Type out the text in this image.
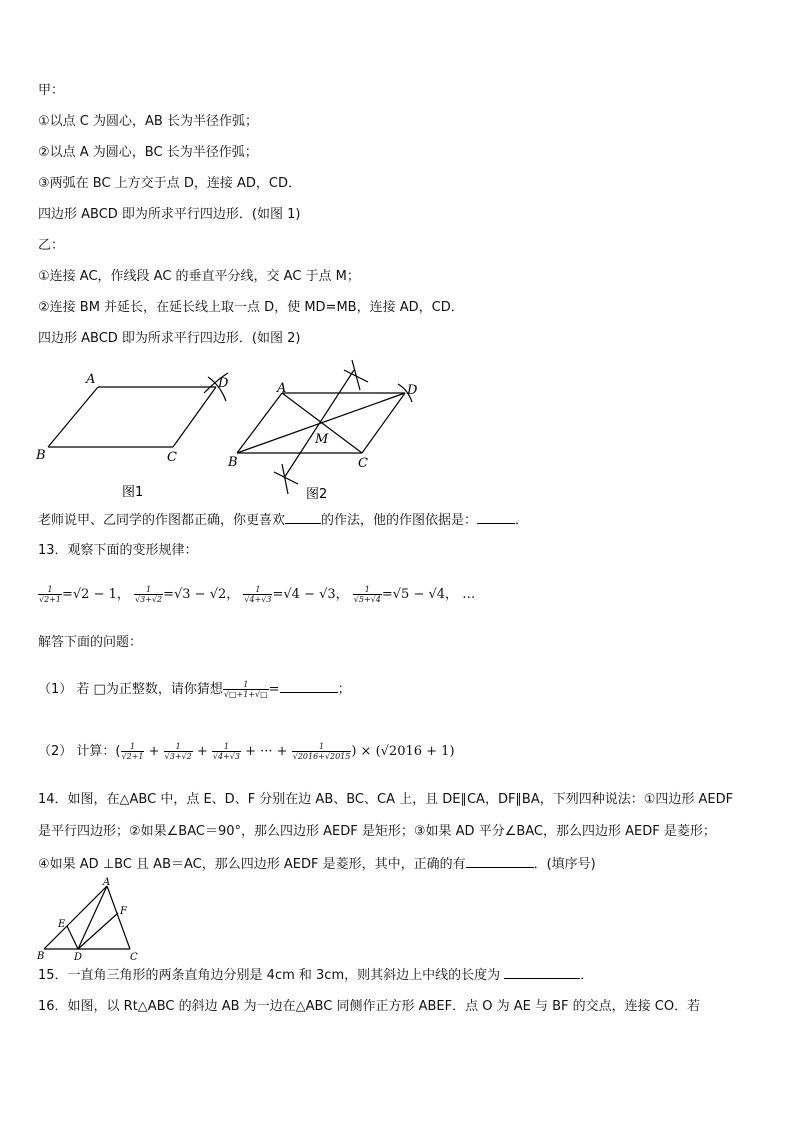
甲：
①以点 C 为圆心，AB 长为半径作弧；
②以点 A 为圆心，BC 长为半径作弧；
③两弧在 BC 上方交于点 D，连接 AD，CD．
四边形 ABCD 即为所求平行四边形．(如图 1)
乙：
①连接 AC，作线段 AC 的垂直平分线，交 AC 于点 M；
②连接 BM 并延长，在延长线上取一点 D，使 MD=MB，连接 AD，CD．
四边形 ABCD 即为所求平行四边形．(如图 2)
A	D
B	C
图1
A	D
B	C
M
图2
老师说甲、乙同学的作图都正确，你更喜欢	的作法，他的作图依据是：	．
13．观察下面的变形规律：
$\frac{1}{√2+1} =√2 - 1$， $\frac{1}{√3+√2} =√3 - √2$， $\frac{1}{√4+√3} =√4 - √3$， $\frac{1}{√5+√4} =√5 - √4$， …
解答下面的问题：
（1） 若 □为正整数，请你猜想 $\frac{1}{√□+1+√□}$ =	；
（2） 计算：( $\frac{1}{√2+1} + \frac{1}{√3+√2} + \frac{1}{√4+√3}$ + ··· + $\frac{1}{√2016+√2015}$ ) × (√2016 + 1)
14．如图，在△ABC 中，点 E、D、F 分别在边 AB、BC、CA 上，且 DE∥CA，DF∥BA，下列四种说法：①四边形 AEDF
是平行四边形；②如果∠BAC＝90°，那么四边形 AEDF 是矩形；③如果 AD 平分∠BAC，那么四边形 AEDF 是菱形；
④如果 AD ⊥BC 且 AB＝AC，那么四边形 AEDF 是菱形，其中，正确的有	．(填序号)
A
E
F
B	D	C
15．一直角三角形的两条直角边分别是 4cm 和 3cm，则其斜边上中线的长度为	．
16．如图，以 Rt△ABC 的斜边 AB 为一边在△ABC 同侧作正方形 ABEF．点 O 为 AE 与 BF 的交点，连接 CO．若
